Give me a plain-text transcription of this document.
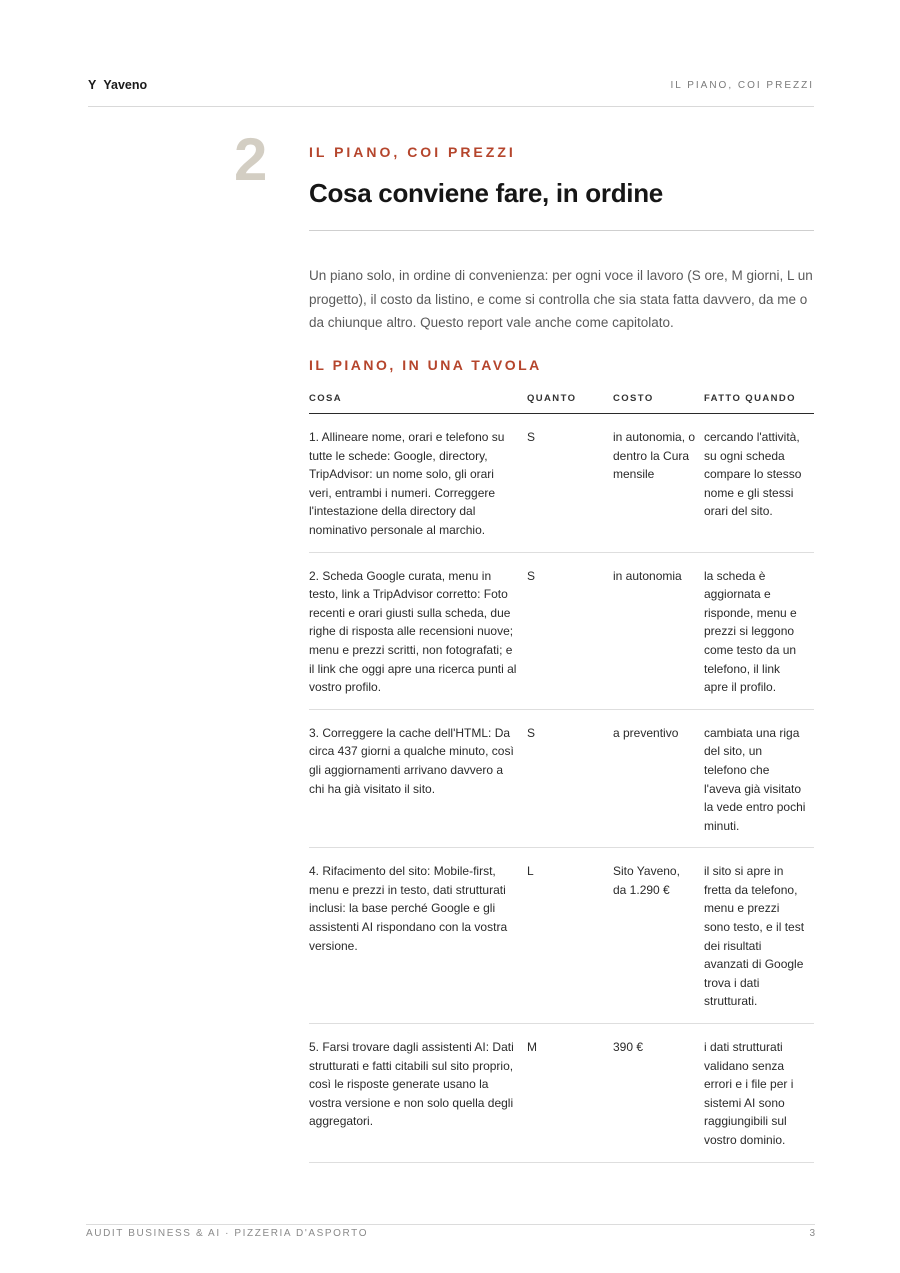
Y Yaveno	IL PIANO, COI PREZZI
2	IL PIANO, COI PREZZI
Cosa conviene fare, in ordine

Un piano solo, in ordine di convenienza: per ogni voce il lavoro (S ore, M giorni, L un progetto), il costo da listino, e come si controlla che sia stata fatta davvero, da me o da chiunque altro. Questo report vale anche come capitolato.

IL PIANO, IN UNA TAVOLA
COSA	QUANTO	COSTO	FATTO QUANDO
1. Allineare nome, orari e telefono su tutte le schede: Google, directory, TripAdvisor: un nome solo, gli orari veri, entrambi i numeri. Correggere l'intestazione della directory dal nominativo personale al marchio.	S	in autonomia, o dentro la Cura mensile	cercando l'attività, su ogni scheda compare lo stesso nome e gli stessi orari del sito.
2. Scheda Google curata, menu in testo, link a TripAdvisor corretto: Foto recenti e orari giusti sulla scheda, due righe di risposta alle recensioni nuove; menu e prezzi scritti, non fotografati; e il link che oggi apre una ricerca punti al vostro profilo.	S	in autonomia	la scheda è aggiornata e risponde, menu e prezzi si leggono come testo da un telefono, il link apre il profilo.
3. Correggere la cache dell'HTML: Da circa 437 giorni a qualche minuto, così gli aggiornamenti arrivano davvero a chi ha già visitato il sito.	S	a preventivo	cambiata una riga del sito, un telefono che l'aveva già visitato la vede entro pochi minuti.
4. Rifacimento del sito: Mobile-first, menu e prezzi in testo, dati strutturati inclusi: la base perché Google e gli assistenti AI rispondano con la vostra versione.	L	Sito Yaveno, da 1.290 €	il sito si apre in fretta da telefono, menu e prezzi sono testo, e il test dei risultati avanzati di Google trova i dati strutturati.
5. Farsi trovare dagli assistenti AI: Dati strutturati e fatti citabili sul sito proprio, così le risposte generate usano la vostra versione e non solo quella degli aggregatori.	M	390 €	i dati strutturati validano senza errori e i file per i sistemi AI sono raggiungibili sul vostro dominio.
AUDIT BUSINESS & AI · PIZZERIA D'ASPORTO	3
